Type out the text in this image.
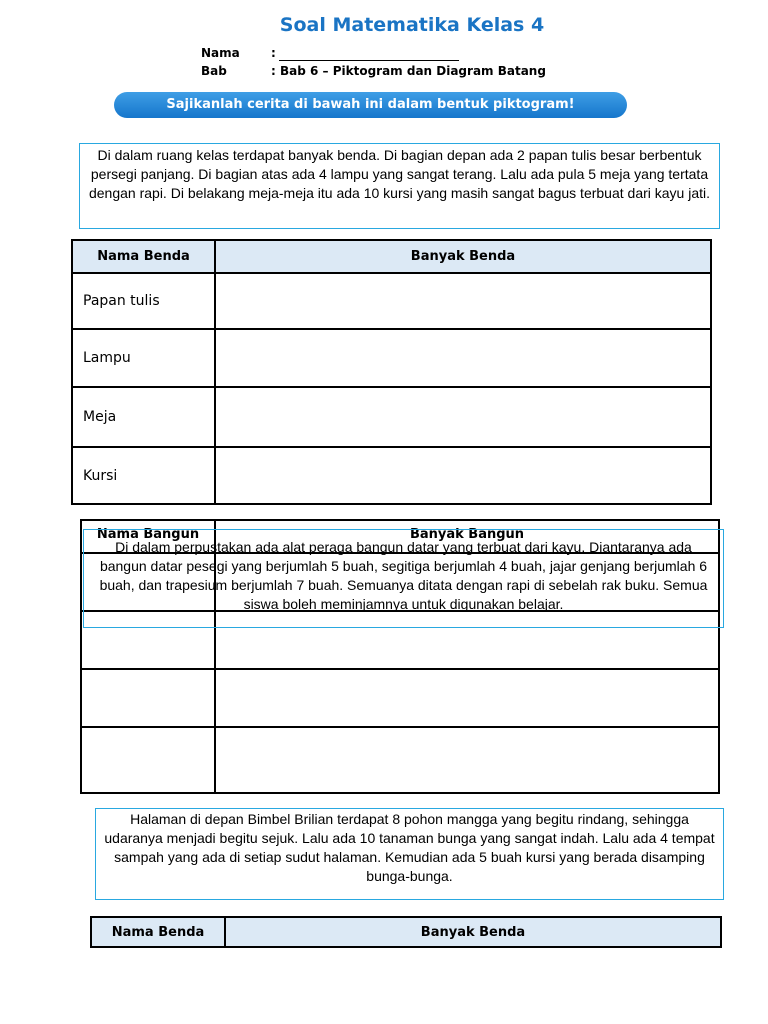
Soal Matematika Kelas 4
Nama	:
Bab	: Bab 6 – Piktogram dan Diagram Batang
Sajikanlah cerita di bawah ini dalam bentuk piktogram!
Di dalam ruang kelas terdapat banyak benda. Di bagian depan ada 2 papan tulis besar berbentuk persegi panjang. Di bagian atas ada 4 lampu yang sangat terang. Lalu ada pula 5 meja yang tertata dengan rapi. Di belakang meja-meja itu ada 10 kursi yang masih sangat bagus terbuat dari kayu jati.
Nama Benda	Banyak Benda
Papan tulis	
Lampu	
Meja	
Kursi	
Nama Bangun	Banyak Bangun

Di dalam perpustakan ada alat peraga bangun datar yang terbuat dari kayu. Diantaranya ada bangun datar pesegi yang berjumlah 5 buah, segitiga berjumlah 4 buah, jajar genjang berjumlah 6 buah, dan trapesium berjumlah 7 buah. Semuanya ditata dengan rapi di sebelah rak buku. Semua siswa boleh meminjamnya untuk digunakan belajar.
Halaman di depan Bimbel Brilian terdapat 8 pohon mangga yang begitu rindang, sehingga udaranya menjadi begitu sejuk. Lalu ada 10 tanaman bunga yang sangat indah. Lalu ada 4 tempat sampah yang ada di setiap sudut halaman. Kemudian ada 5 buah kursi yang berada disamping bunga-bunga.
Nama Benda	Banyak Benda
